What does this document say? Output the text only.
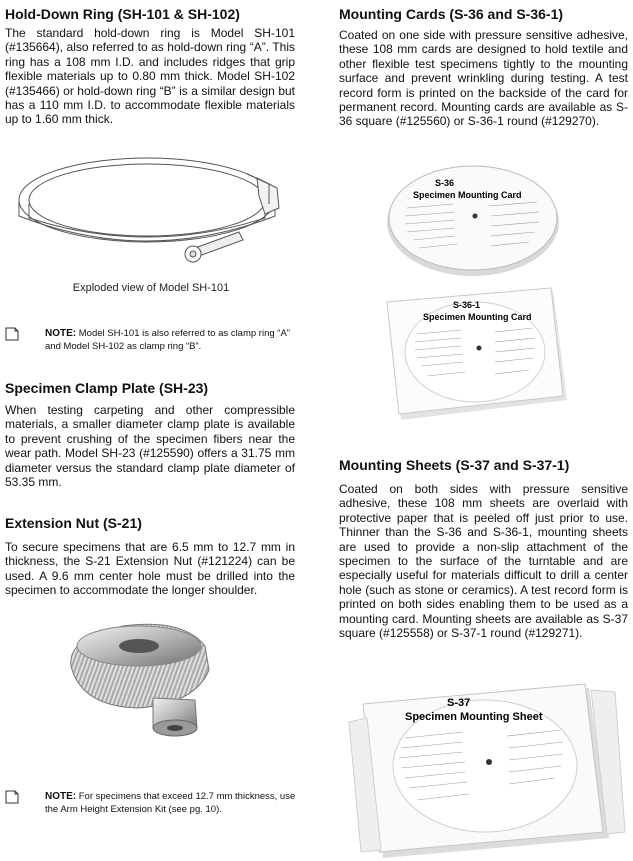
Hold-Down Ring (SH-101 & SH-102)

The standard hold-down ring is Model SH-101 (#135664), also referred to as hold-down ring “A”. This ring has a 108 mm I.D. and includes ridges that grip flexible materials up to 0.80 mm thick. Model SH-102 (#135466) or hold-down ring “B” is a similar design but has a 110 mm I.D. to accommodate flexible materials up to 1.60 mm thick.

Exploded view of Model SH-101
NOTE: Model SH-101 is also referred to as clamp ring “A” and Model SH-102 as clamp ring “B”.
Specimen Clamp Plate (SH-23)

When testing carpeting and other compressible materials, a smaller diameter clamp plate is available to prevent crushing of the specimen fibers near the wear path. Model SH-23 (#125590) offers a 31.75 mm diameter versus the standard clamp plate diameter of 53.35 mm.

Extension Nut (S-21)

To secure specimens that are 6.5 mm to 12.7 mm in thickness, the S-21 Extension Nut (#121224) can be used. A 9.6 mm center hole must be drilled into the specimen to accommodate the longer shoulder.

NOTE: For specimens that exceed 12.7 mm thickness, use the Arm Height Extension Kit (see pg. 10).
Mounting Cards (S-36 and S-36-1)

Coated on one side with pressure sensitive adhesive, these 108 mm cards are designed to hold textile and other flexible test specimens tightly to the mounting surface and prevent wrinkling during testing. A test record form is printed on the backside of the card for permanent record. Mounting cards are available as S-36 square (#125560) or S-36-1 round (#129270).

S-36
Specimen Mounting Card
S-36-1
Specimen Mounting Card
Mounting Sheets (S-37 and S-37-1)

Coated on both sides with pressure sensitive adhesive, these 108 mm sheets are overlaid with protective paper that is peeled off just prior to use. Thinner than the S-36 and S-36-1, mounting sheets are used to provide a non-slip attachment of the specimen to the surface of the turntable and are especially useful for materials difficult to drill a center hole (such as stone or ceramics). A test record form is printed on both sides enabling them to be used as a mounting card. Mounting sheets are available as S-37 square (#125558) or S-37-1 round (#129271).

S-37
Specimen Mounting Sheet
